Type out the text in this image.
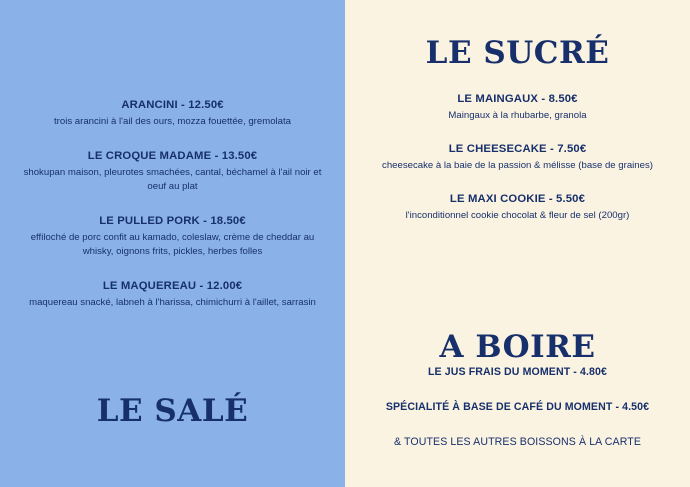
ARANCINI - 12.50€
trois arancini à l'ail des ours, mozza fouettée, gremolata
LE CROQUE MADAME - 13.50€
shokupan maison, pleurotes smachées, cantal, béchamel à l'ail noir et oeuf au plat
LE PULLED PORK - 18.50€
effiloché de porc confit au kamado, coleslaw, crème de cheddar au whisky, oignons frits, pickles, herbes folles
LE MAQUEREAU - 12.00€
maquereau snacké, labneh à l'harissa, chimichurri à l'aillet, sarrasin
LE SALÉ
LE SUCRÉ
LE MAINGAUX - 8.50€
Maingaux à la rhubarbe, granola
LE CHEESECAKE - 7.50€
cheesecake à la baie de la passion & mélisse (base de graines)
LE MAXI COOKIE - 5.50€
l'inconditionnel cookie chocolat & fleur de sel (200gr)
A BOIRE
LE JUS FRAIS DU MOMENT - 4.80€
SPÉCIALITÉ À BASE DE CAFÉ DU MOMENT - 4.50€
& TOUTES LES AUTRES BOISSONS À LA CARTE
